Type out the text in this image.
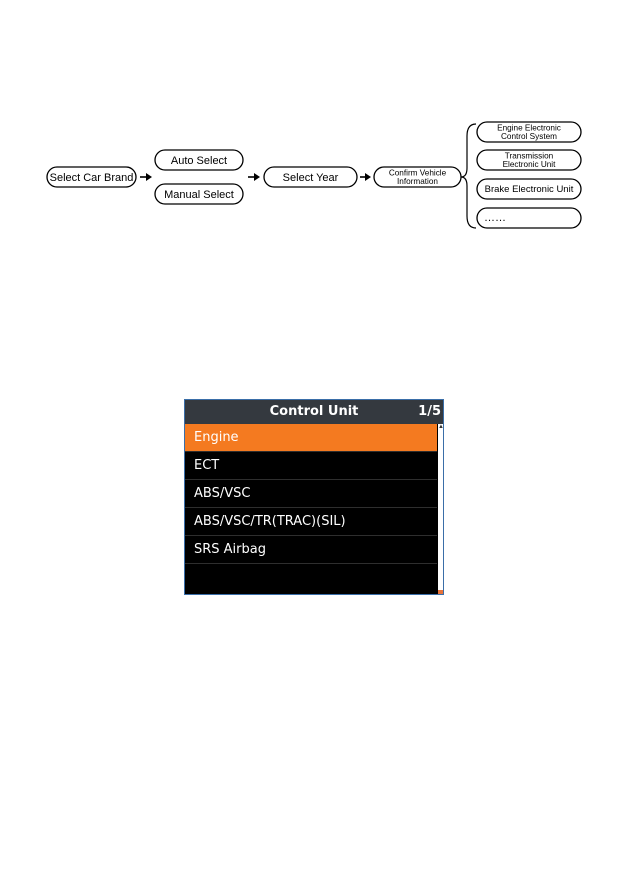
Select Car Brand
Auto Select
Manual Select
Select Year	Confirm Vehicle
Information
Engine Electronic
Control System
Transmission
Electronic Unit
Brake Electronic Unit
……
Control Unit	1/5
Engine
ECT
ABS/VSC
ABS/VSC/TR(TRAC)(SIL)
SRS Airbag
▲
